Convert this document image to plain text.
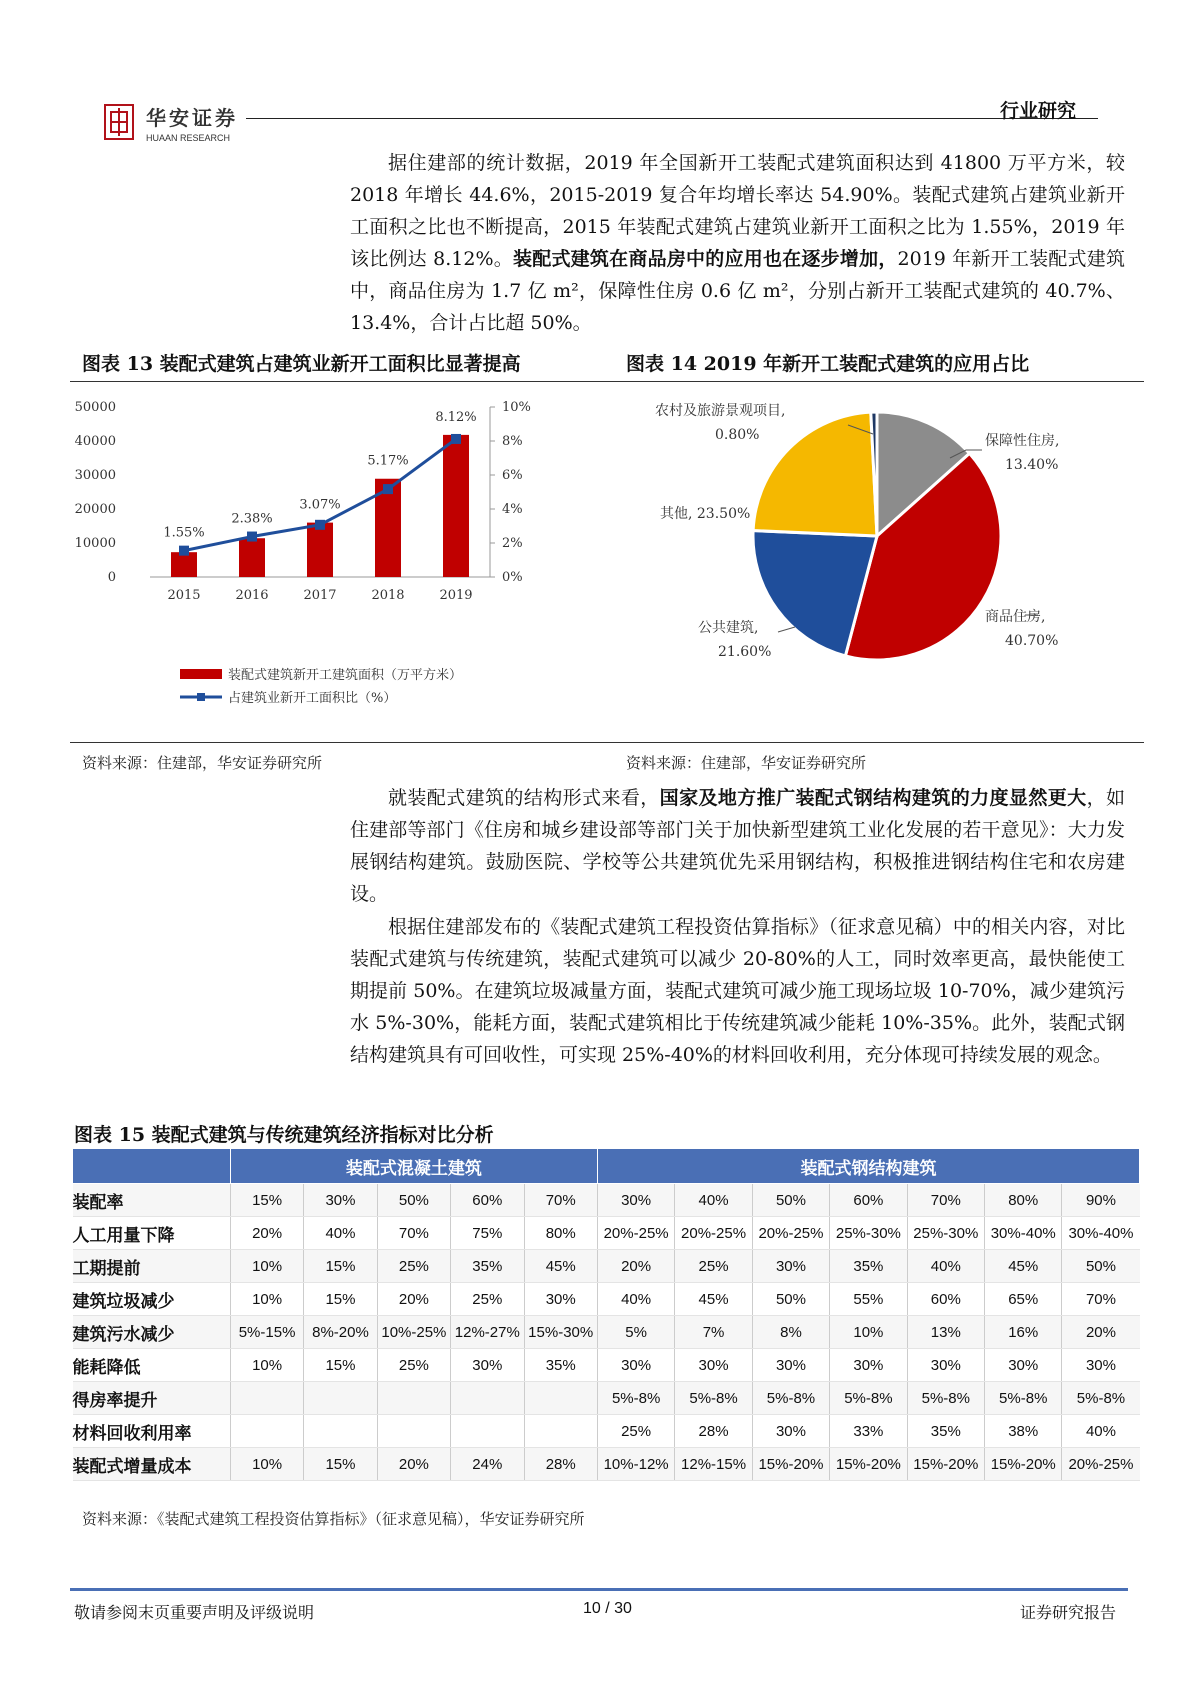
华安证券
HUAAN RESEARCH
行业研究

据住建部的统计数据，2019 年全国新开工装配式建筑面积达到 41800 万平方米，较 2018 年增长 44.6%，2015-2019 复合年均增长率达 54.90%。装配式建筑占建筑业新开工面积之比也不断提高，2015 年装配式建筑占建筑业新开工面积之比为 1.55%，2019 年该比例达 8.12%。装配式建筑在商品房中的应用也在逐步增加，2019 年新开工装配式建筑中，商品住房为 1.7 亿 m²，保障性住房 0.6 亿 m²，分别占新开工装配式建筑的 40.7%、13.4%，合计占比超 50%。

图表 13 装配式建筑占建筑业新开工面积比显著提高	图表 14 2019 年新开工装配式建筑的应用占比
50000
40000
30000
20000
10000
0
10%
8%
6%
4%
2%
0%
1.55%
2.38%
3.07%
5.17%
8.12%
2015	2016	2017	2018	2019
装配式建筑新开工建筑面积（万平方米）
占建筑业新开工面积比（%）
保障性住房,
13.40%
商品住房,
40.70%
公共建筑,
21.60%
其他, 23.50%
农村及旅游景观项目,
0.80%
资料来源：住建部，华安证券研究所	资料来源：住建部，华安证券研究所

就装配式建筑的结构形式来看，国家及地方推广装配式钢结构建筑的力度显然更大，如住建部等部门《住房和城乡建设部等部门关于加快新型建筑工业化发展的若干意见》：大力发展钢结构建筑。鼓励医院、学校等公共建筑优先采用钢结构，积极推进钢结构住宅和农房建设。

根据住建部发布的《装配式建筑工程投资估算指标》（征求意见稿）中的相关内容，对比装配式建筑与传统建筑，装配式建筑可以减少 20-80%的人工，同时效率更高，最快能使工期提前 50%。在建筑垃圾减量方面，装配式建筑可减少施工现场垃圾 10-70%，减少建筑污水 5%-30%，能耗方面，装配式建筑相比于传统建筑减少能耗 10%-35%。此外，装配式钢结构建筑具有可回收性，可实现 25%-40%的材料回收利用，充分体现可持续发展的观念。

图表 15 装配式建筑与传统建筑经济指标对比分析
	装配式混凝土建筑					装配式钢结构建筑						
装配率	15%	30%	50%	60%	70%	30%	40%	50%	60%	70%	80%	90%
人工用量下降	20%	40%	70%	75%	80%	20%-25%	20%-25%	20%-25%	25%-30%	25%-30%	30%-40%	30%-40%
工期提前	10%	15%	25%	35%	45%	20%	25%	30%	35%	40%	45%	50%
建筑垃圾减少	10%	15%	20%	25%	30%	40%	45%	50%	55%	60%	65%	70%
建筑污水减少	5%-15%	8%-20%	10%-25%	12%-27%	15%-30%	5%	7%	8%	10%	13%	16%	20%
能耗降低	10%	15%	25%	30%	35%	30%	30%	30%	30%	30%	30%	30%
得房率提升						5%-8%	5%-8%	5%-8%	5%-8%	5%-8%	5%-8%	5%-8%
材料回收利用率						25%	28%	30%	33%	35%	38%	40%
装配式增量成本	10%	15%	20%	24%	28%	10%-12%	12%-15%	15%-20%	15%-20%	15%-20%	15%-20%	20%-25%
资料来源：《装配式建筑工程投资估算指标》（征求意见稿），华安证券研究所
敬请参阅末页重要声明及评级说明	10 / 30	证券研究报告
